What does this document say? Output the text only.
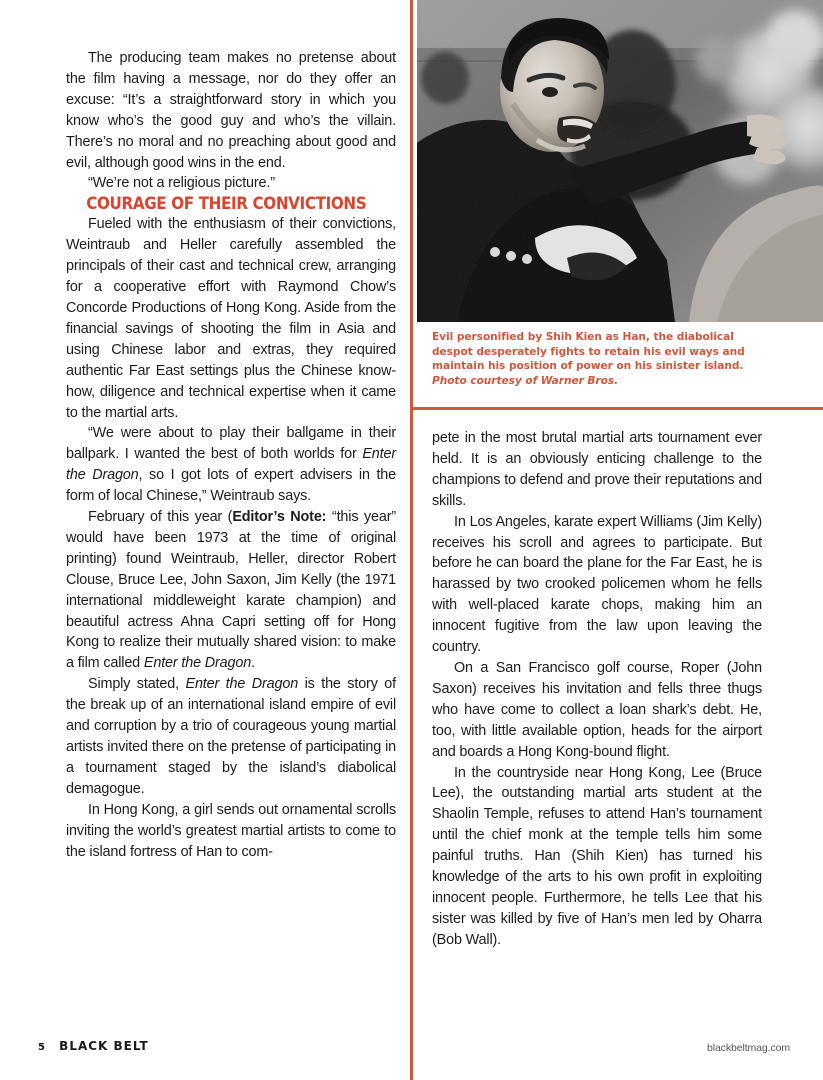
Evil personified by Shih Kien as Han, the diabolical despot desperately fights to retain his evil ways and maintain his position of power on his sinister island. Photo courtesy of Warner Bros.

The producing team makes no pretense about the film having a message, nor do they offer an excuse: “It’s a straightforward story in which you know who’s the good guy and who’s the villain. There’s no moral and no preaching about good and evil, although good wins in the end.

“We’re not a religious picture.”

COURAGE OF THEIR CONVICTIONS

Fueled with the enthusiasm of their convictions, Weintraub and Heller carefully assembled the principals of their cast and technical crew, arranging for a cooperative effort with Raymond Chow’s Concorde Productions of Hong Kong. Aside from the financial savings of shooting the film in Asia and using Chinese labor and extras, they required authentic Far East settings plus the Chinese know-how, diligence and technical expertise when it came to the martial arts.

“We were about to play their ballgame in their ballpark. I wanted the best of both worlds for Enter the Dragon, so I got lots of expert advisers in the form of local Chinese,” Weintraub says.

February of this year (Editor’s Note: “this year” would have been 1973 at the time of original printing) found Weintraub, Heller, director Robert Clouse, Bruce Lee, John Saxon, Jim Kelly (the 1971 international middleweight karate champion) and beautiful actress Ahna Capri setting off for Hong Kong to realize their mutually shared vision: to make a film called Enter the Dragon.

Simply stated, Enter the Dragon is the story of the break up of an international island empire of evil and corruption by a trio of courageous young martial artists invited there on the pretense of participating in a tournament staged by the island’s diabolical demagogue.

In Hong Kong, a girl sends out ornamental scrolls inviting the world’s greatest martial artists to come to the island fortress of Han to com-

pete in the most brutal martial arts tournament ever held. It is an obviously enticing challenge to the champions to defend and prove their reputations and skills.

In Los Angeles, karate expert Williams (Jim Kelly) receives his scroll and agrees to participate. But before he can board the plane for the Far East, he is harassed by two crooked policemen whom he fells with well-placed karate chops, making him an innocent fugitive from the law upon leaving the country.

On a San Francisco golf course, Roper (John Saxon) receives his invitation and fells three thugs who have come to collect a loan shark’s debt. He, too, with little available option, heads for the airport and boards a Hong Kong-bound flight.

In the countryside near Hong Kong, Lee (Bruce Lee), the outstanding martial arts student at the Shaolin Temple, refuses to attend Han’s tournament until the chief monk at the temple tells him some painful truths. Han (Shih Kien) has turned his knowledge of the arts to his own profit in exploiting innocent people. Furthermore, he tells Lee that his sister was killed by five of Han’s men led by Oharra (Bob Wall).

5 BLACK BELT	blackbeltmag.com
